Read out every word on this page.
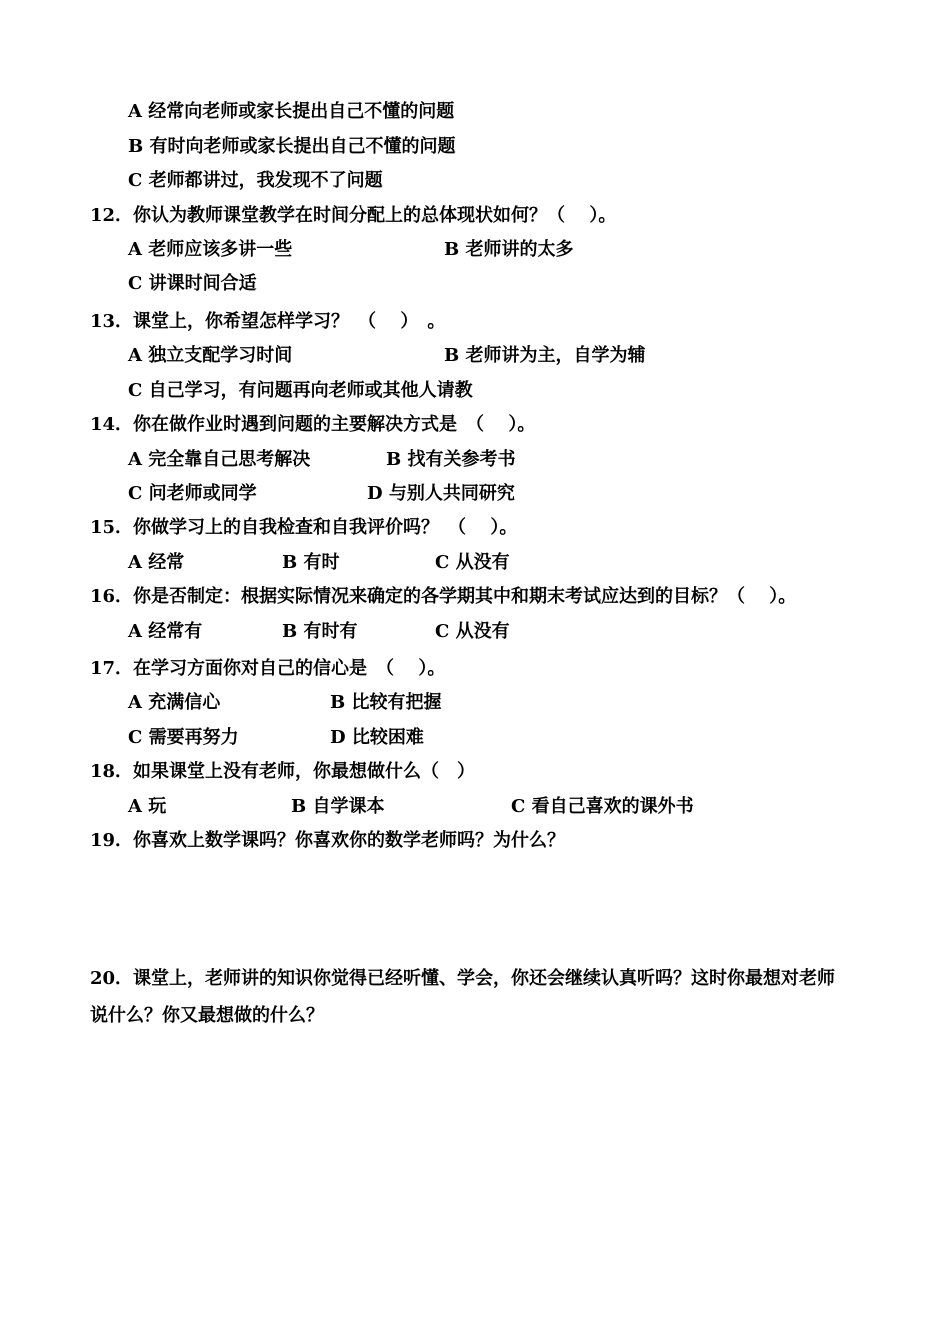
A 经常向老师或家长提出自己不懂的问题
B 有时向老师或家长提出自己不懂的问题
C 老师都讲过，我发现不了问题
12．你认为教师课堂教学在时间分配上的总体现状如何？（　 ）。
A 老师应该多讲一些	B 老师讲的太多
C 讲课时间合适
13．课堂上，你希望怎样学习？　（　 ）　。
A 独立支配学习时间	B 老师讲为主，自学为辅
C 自己学习，有问题再向老师或其他人请教
14．你在做作业时遇到问题的主要解决方式是　（　 ）。
A 完全靠自己思考解决	B 找有关参考书
C 问老师或同学	D 与别人共同研究
15．你做学习上的自我检查和自我评价吗？　（　 ）。
A 经常	B 有时	C 从没有
16．你是否制定：根据实际情况来确定的各学期其中和期末考试应达到的目标？（　 ）。
A 经常有	B 有时有	C 从没有
17．在学习方面你对自己的信心是　（　 ）。
A 充满信心	B 比较有把握
C 需要再努力	D 比较困难
18．如果课堂上没有老师，你最想做什么（　）
A 玩	B 自学课本	C 看自己喜欢的课外书
19．你喜欢上数学课吗？你喜欢你的数学老师吗？为什么？
20．课堂上，老师讲的知识你觉得已经听懂、学会，你还会继续认真听吗？这时你最想对老师
说什么？你又最想做的什么？
